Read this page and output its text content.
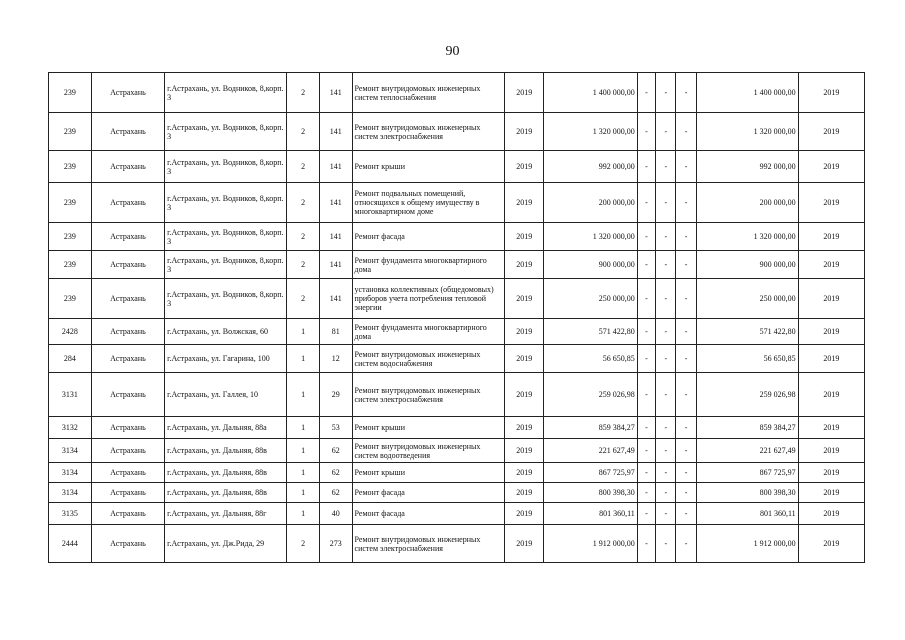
90
239	Астрахань	г.Астрахань, ул. Водников, 8,корп. 3	2	141	Ремонт внутридомовых инженерных систем теплоснабжения	2019	1 400 000,00	-	-	-	1 400 000,00	2019
239	Астрахань	г.Астрахань, ул. Водников, 8,корп. 3	2	141	Ремонт внутридомовых инженерных систем электроснабжения	2019	1 320 000,00	-	-	-	1 320 000,00	2019
239	Астрахань	г.Астрахань, ул. Водников, 8,корп. 3	2	141	Ремонт крыши	2019	992 000,00	-	-	-	992 000,00	2019
239	Астрахань	г.Астрахань, ул. Водников, 8,корп. 3	2	141	Ремонт подвальных помещений, относящихся к общему имуществу в многоквартирном доме	2019	200 000,00	-	-	-	200 000,00	2019
239	Астрахань	г.Астрахань, ул. Водников, 8,корп. 3	2	141	Ремонт фасада	2019	1 320 000,00	-	-	-	1 320 000,00	2019
239	Астрахань	г.Астрахань, ул. Водников, 8,корп. 3	2	141	Ремонт фундамента многоквартирного дома	2019	900 000,00	-	-	-	900 000,00	2019
239	Астрахань	г.Астрахань, ул. Водников, 8,корп. 3	2	141	установка коллективных (общедомовых) приборов учета потребления тепловой энергии	2019	250 000,00	-	-	-	250 000,00	2019
2428	Астрахань	г.Астрахань, ул. Волжская, 60	1	81	Ремонт фундамента многоквартирного дома	2019	571 422,80	-	-	-	571 422,80	2019
284	Астрахань	г.Астрахань, ул. Гагарина, 100	1	12	Ремонт внутридомовых инженерных систем водоснабжения	2019	56 650,85	-	-	-	56 650,85	2019
3131	Астрахань	г.Астрахань, ул. Галлея, 10	1	29	Ремонт внутридомовых инженерных систем электроснабжения	2019	259 026,98	-	-	-	259 026,98	2019
3132	Астрахань	г.Астрахань, ул. Дальняя, 88а	1	53	Ремонт крыши	2019	859 384,27	-	-	-	859 384,27	2019
3134	Астрахань	г.Астрахань, ул. Дальняя, 88в	1	62	Ремонт внутридомовых инженерных систем водоотведения	2019	221 627,49	-	-	-	221 627,49	2019
3134	Астрахань	г.Астрахань, ул. Дальняя, 88в	1	62	Ремонт крыши	2019	867 725,97	-	-	-	867 725,97	2019
3134	Астрахань	г.Астрахань, ул. Дальняя, 88в	1	62	Ремонт фасада	2019	800 398,30	-	-	-	800 398,30	2019
3135	Астрахань	г.Астрахань, ул. Дальняя, 88г	1	40	Ремонт фасада	2019	801 360,11	-	-	-	801 360,11	2019
2444	Астрахань	г.Астрахань, ул. Дж.Рида, 29	2	273	Ремонт внутридомовых инженерных систем электроснабжения	2019	1 912 000,00	-	-	-	1 912 000,00	2019
